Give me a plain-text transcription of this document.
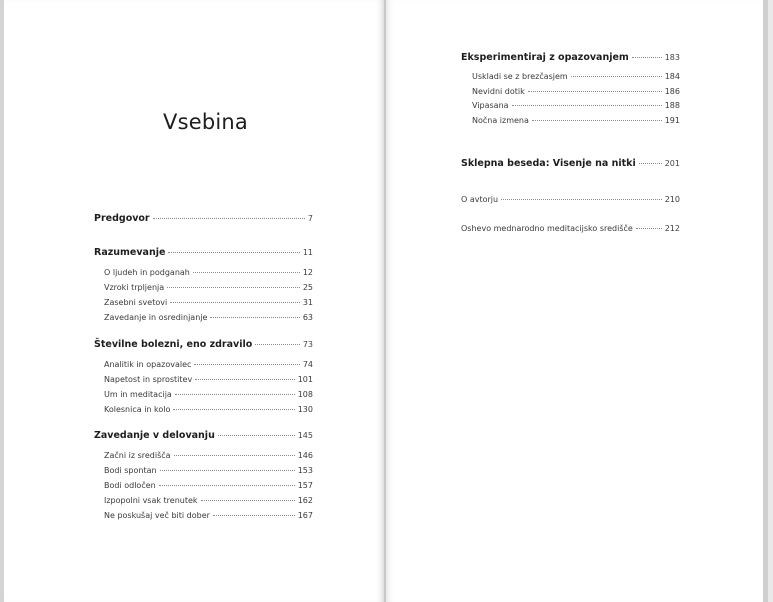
Vsebina
Predgovor	7
Razumevanje	11
O ljudeh in podganah	12
Vzroki trpljenja	25
Zasebni svetovi	31
Zavedanje in osredinjanje	63
Številne bolezni, eno zdravilo	73
Analitik in opazovalec	74
Napetost in sprostitev	101
Um in meditacija	108
Kolesnica in kolo	130
Zavedanje v delovanju	145
Začni iz središča	146
Bodi spontan	153
Bodi odločen	157
Izpopolni vsak trenutek	162
Ne poskušaj več biti dober	167
Eksperimentiraj z opazovanjem	183
Uskladi se z brezčasjem	184
Nevidni dotik	186
Vipasana	188
Nočna izmena	191
Sklepna beseda: Visenje na nitki	201
O avtorju	210
Oshevo mednarodno meditacijsko središče	212
